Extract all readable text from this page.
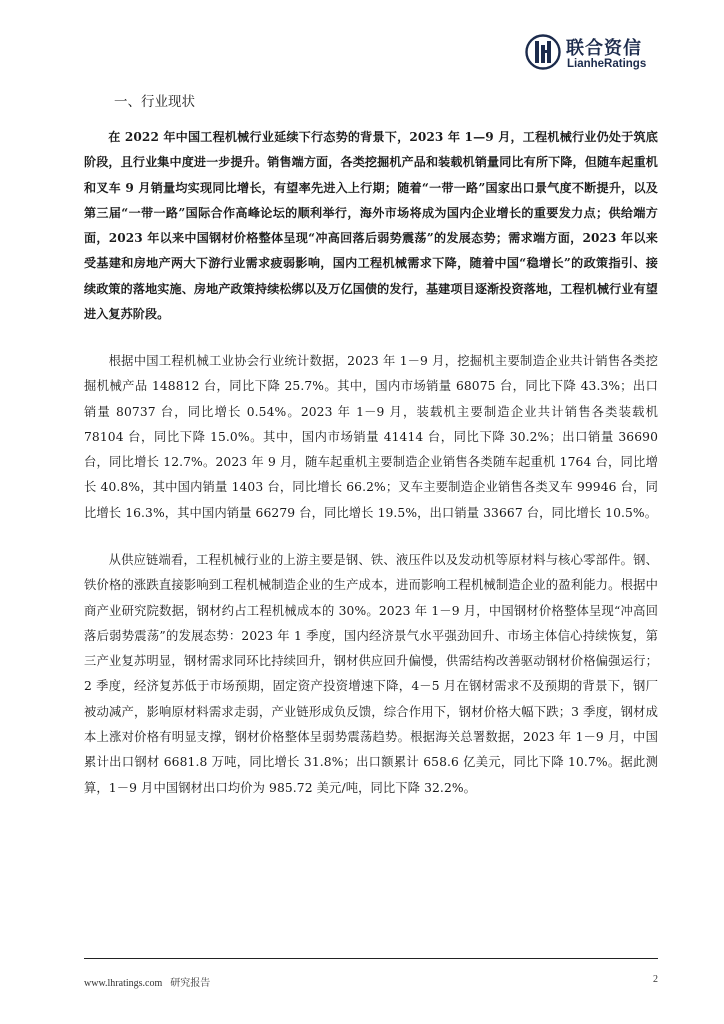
联合资信
LianheRatings
一、行业现状

在 2022 年中国工程机械行业延续下行态势的背景下，2023 年 1—9 月，工程机械行业仍处于筑底阶段，且行业集中度进一步提升。销售端方面，各类挖掘机产品和装载机销量同比有所下降，但随车起重机和叉车 9 月销量均实现同比增长，有望率先进入上行期；随着“一带一路”国家出口景气度不断提升，以及第三届“一带一路”国际合作高峰论坛的顺利举行，海外市场将成为国内企业增长的重要发力点；供给端方面，2023 年以来中国钢材价格整体呈现“冲高回落后弱势震荡”的发展态势；需求端方面，2023 年以来受基建和房地产两大下游行业需求疲弱影响，国内工程机械需求下降，随着中国“稳增长”的政策指引、接续政策的落地实施、房地产政策持续松绑以及万亿国债的发行，基建项目逐渐投资落地，工程机械行业有望进入复苏阶段。

根据中国工程机械工业协会行业统计数据，2023 年 1－9 月，挖掘机主要制造企业共计销售各类挖掘机械产品 148812 台，同比下降 25.7%。其中，国内市场销量 68075 台，同比下降 43.3%；出口销量 80737 台，同比增长 0.54%。2023 年 1－9 月，装载机主要制造企业共计销售各类装载机 78104 台，同比下降 15.0%。其中，国内市场销量 41414 台，同比下降 30.2%；出口销量 36690 台，同比增长 12.7%。2023 年 9 月，随车起重机主要制造企业销售各类随车起重机 1764 台，同比增长 40.8%，其中国内销量 1403 台，同比增长 66.2%；叉车主要制造企业销售各类叉车 99946 台，同比增长 16.3%，其中国内销量 66279 台，同比增长 19.5%，出口销量 33667 台，同比增长 10.5%。

从供应链端看，工程机械行业的上游主要是钢、铁、液压件以及发动机等原材料与核心零部件。钢、铁价格的涨跌直接影响到工程机械制造企业的生产成本，进而影响工程机械制造企业的盈利能力。根据中商产业研究院数据，钢材约占工程机械成本的 30%。2023 年 1－9 月，中国钢材价格整体呈现“冲高回落后弱势震荡”的发展态势：2023 年 1 季度，国内经济景气水平强劲回升、市场主体信心持续恢复，第三产业复苏明显，钢材需求同环比持续回升，钢材供应回升偏慢，供需结构改善驱动钢材价格偏强运行；2 季度，经济复苏低于市场预期，固定资产投资增速下降，4－5 月在钢材需求不及预期的背景下，钢厂被动减产，影响原材料需求走弱，产业链形成负反馈，综合作用下，钢材价格大幅下跌；3 季度，钢材成本上涨对价格有明显支撑，钢材价格整体呈弱势震荡趋势。根据海关总署数据，2023 年 1－9 月，中国累计出口钢材 6681.8 万吨，同比增长 31.8%；出口额累计 658.6 亿美元，同比下降 10.7%。据此测算，1－9 月中国钢材出口均价为 985.72 美元/吨，同比下降 32.2%。

www.lhratings.com 研究报告	2
